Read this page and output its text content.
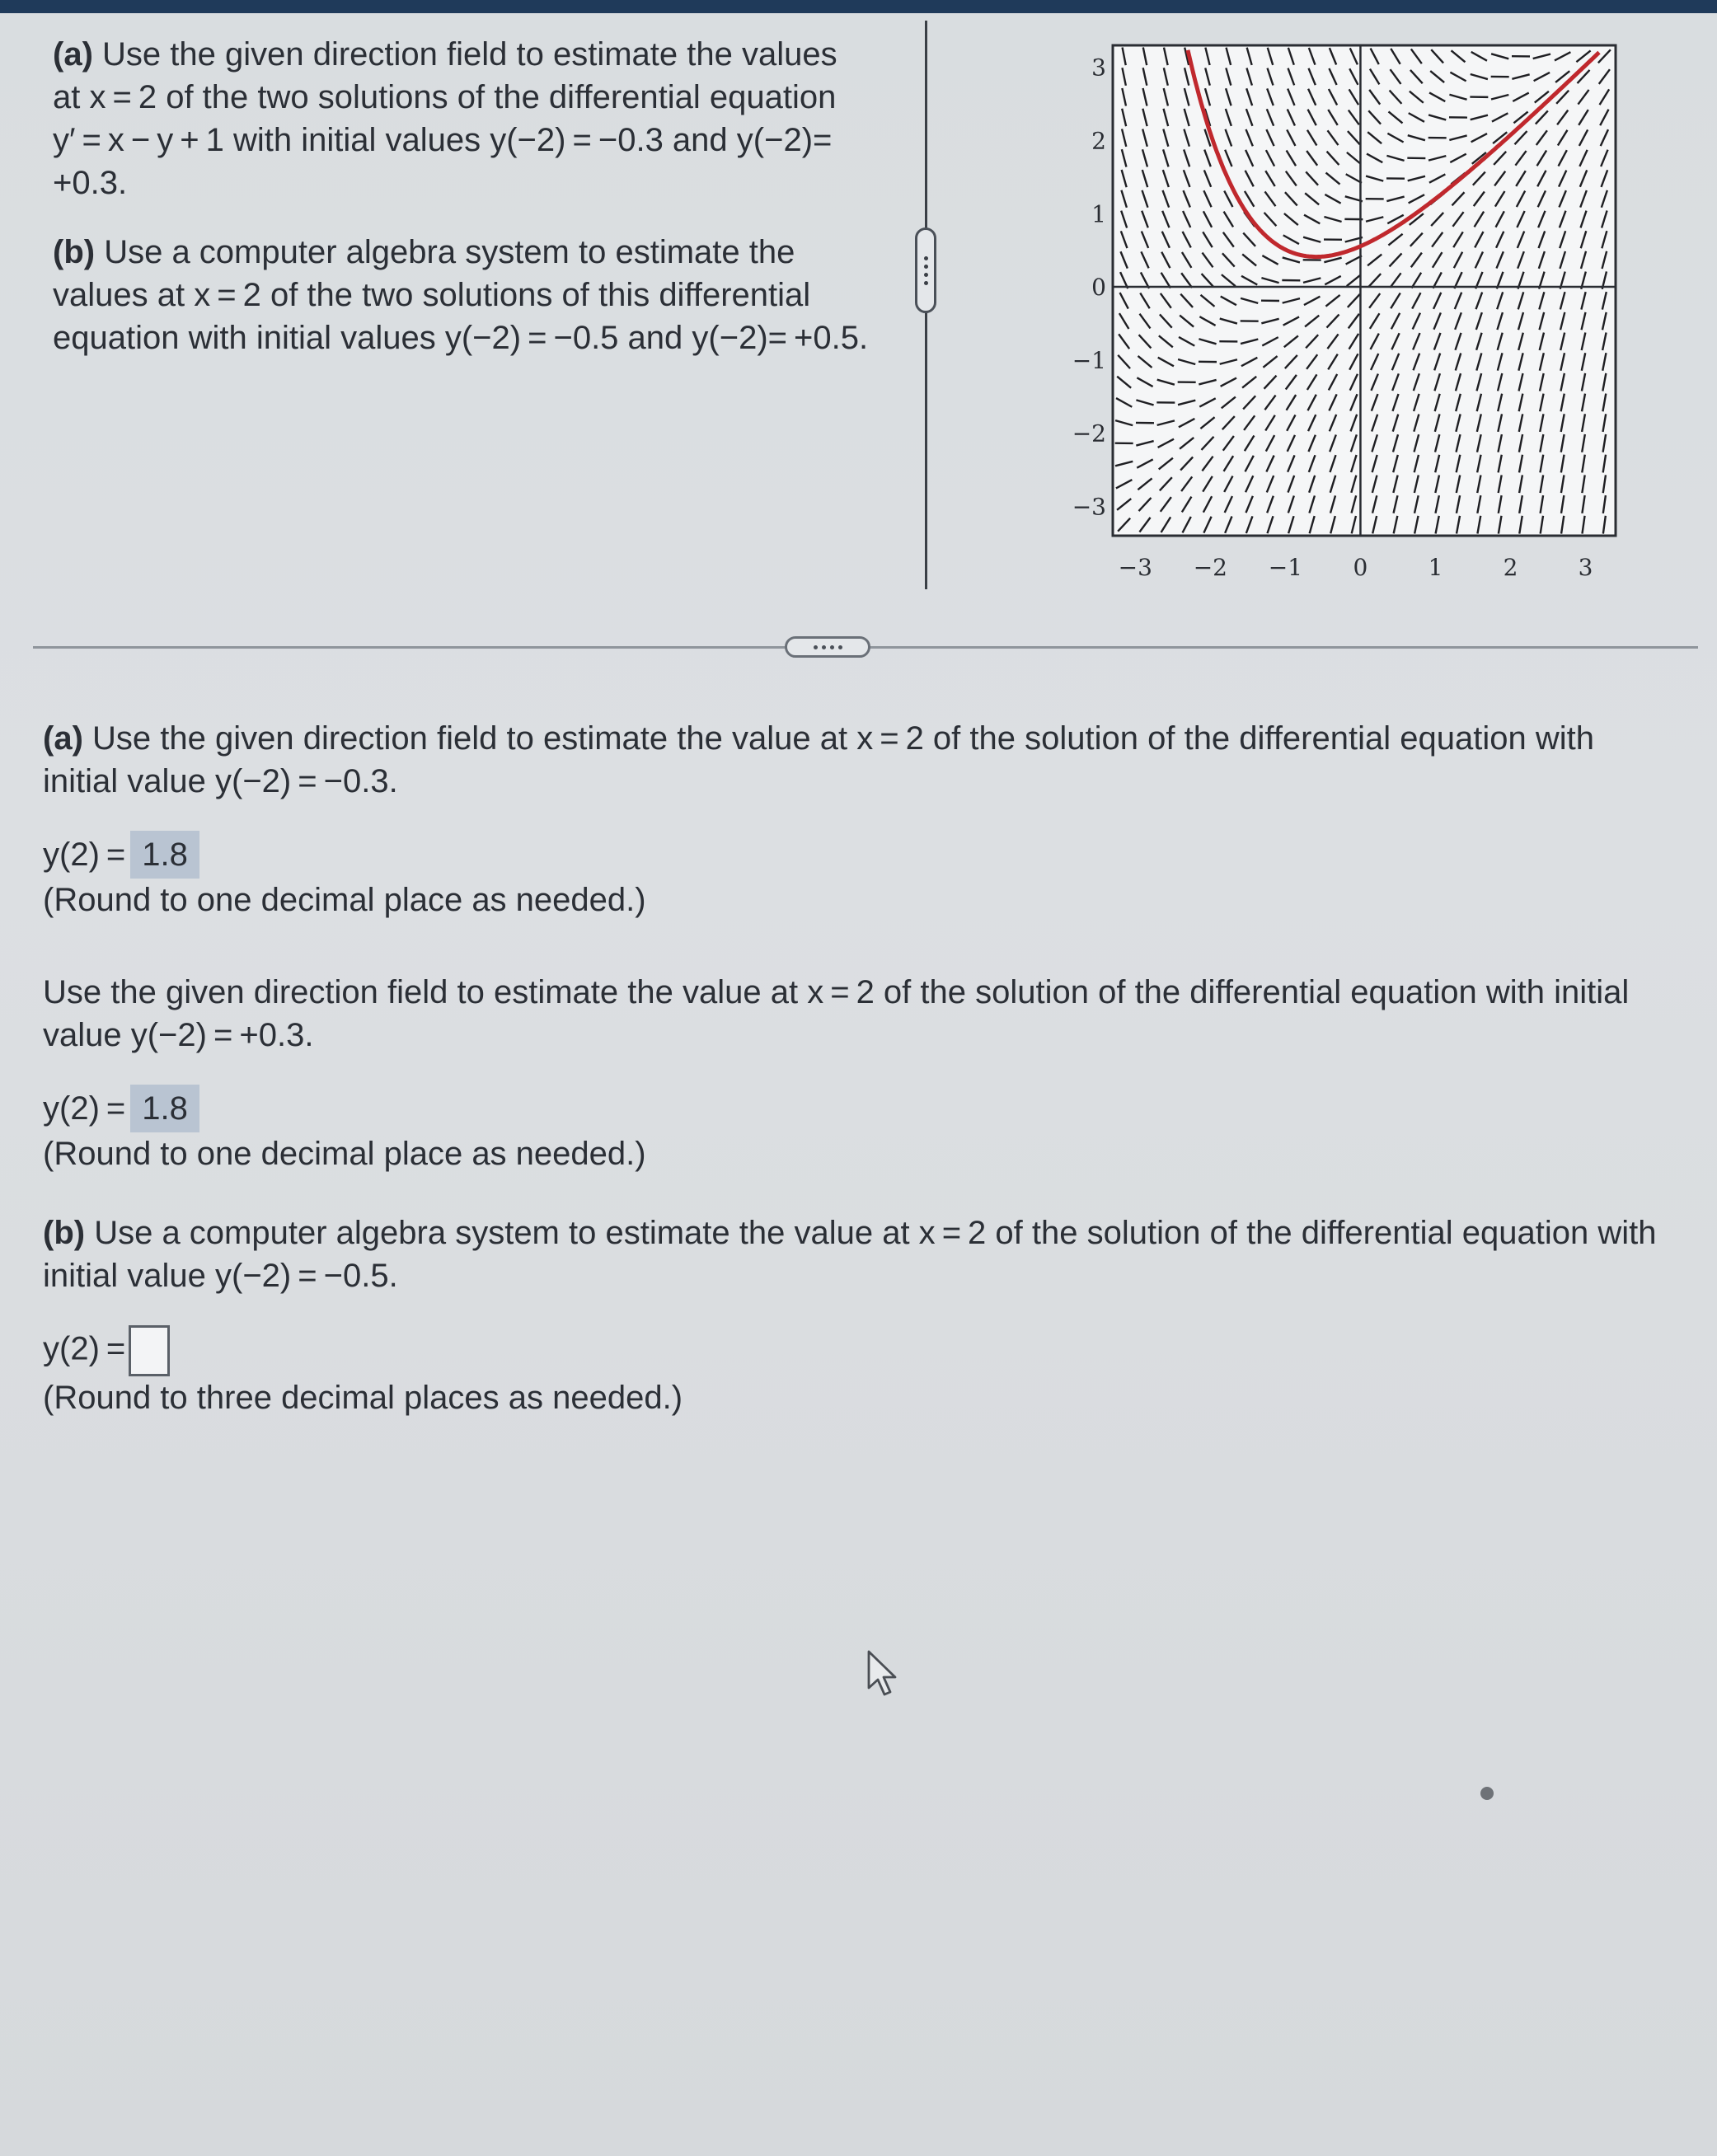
(a) Use the given direction field to estimate the values at x = 2 of the two solutions of the differential equation y′ = x − y + 1 with initial values y(−2) = −0.3 and y(−2)= +0.3.

(b) Use a computer algebra system to estimate the values at x = 2 of the two solutions of this differential equation with initial values y(−2) = −0.5 and y(−2)= +0.5.

−3 −2 −1 0	1	2	3
3
2
1
0
−1
−2
−3

(a) Use the given direction field to estimate the value at x = 2 of the solution of the differential equation with initial value y(−2) = −0.3.

y(2) = 1.8

(Round to one decimal place as needed.)

Use the given direction field to estimate the value at x = 2 of the solution of the differential equation with initial value y(−2) = +0.3.

y(2) = 1.8

(Round to one decimal place as needed.)

(b) Use a computer algebra system to estimate the value at x = 2 of the solution of the differential equation with initial value y(−2) = −0.5.

y(2) =

(Round to three decimal places as needed.)
